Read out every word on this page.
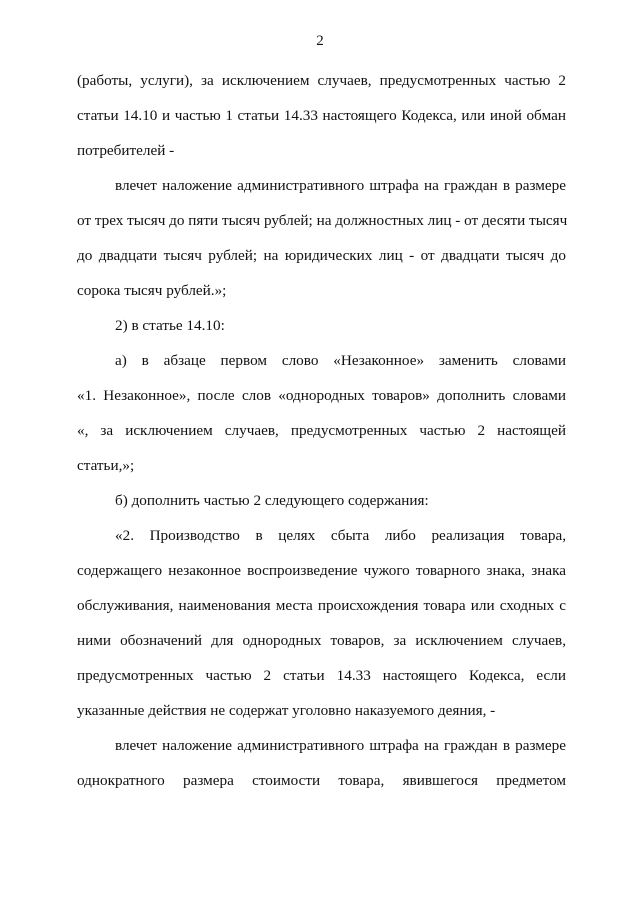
2
(работы, услуги), за исключением случаев, предусмотренных частью 2
статьи 14.10 и частью 1 статьи 14.33 настоящего Кодекса, или иной обман
потребителей -
влечет наложение административного штрафа на граждан в размере
от трех тысяч до пяти тысяч рублей; на должностных лиц - от десяти тысяч
до двадцати тысяч рублей; на юридических лиц - от двадцати тысяч до
сорока тысяч рублей.»;
2) в статье 14.10:
а) в абзаце первом слово «Незаконное» заменить словами
«1. Незаконное», после слов «однородных товаров» дополнить словами
«, за исключением случаев, предусмотренных частью 2 настоящей
статьи,»;
б) дополнить частью 2 следующего содержания:
«2. Производство в целях сбыта либо реализация товара,
содержащего незаконное воспроизведение чужого товарного знака, знака
обслуживания, наименования места происхождения товара или сходных с
ними обозначений для однородных товаров, за исключением случаев,
предусмотренных частью 2 статьи 14.33 настоящего Кодекса, если
указанные действия не содержат уголовно наказуемого деяния, -
влечет наложение административного штрафа на граждан в размере
однократного размера стоимости товара, явившегося предметом
